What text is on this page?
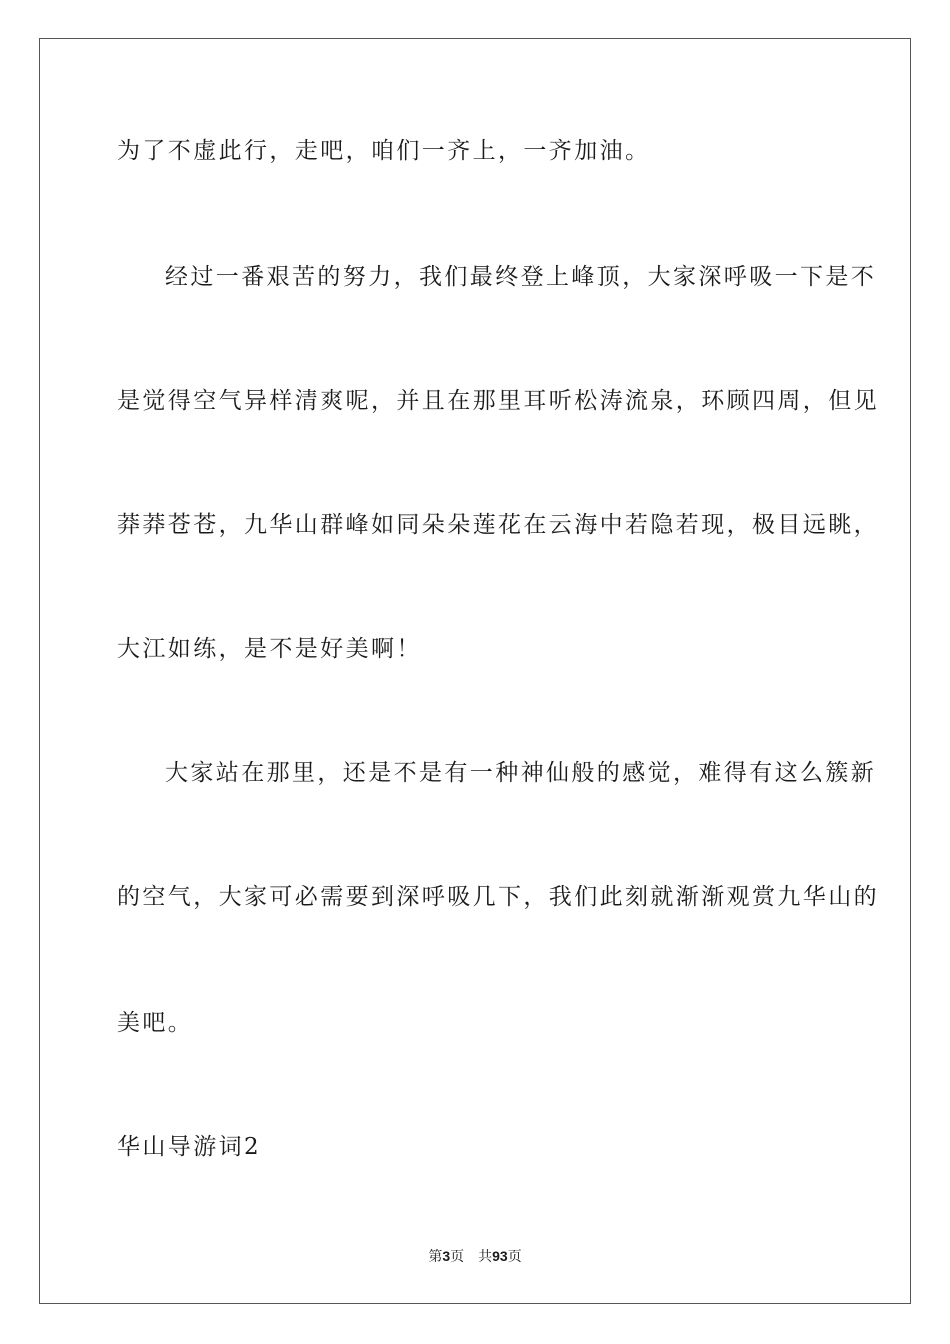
为了不虚此行，走吧，咱们一齐上，一齐加油。
经过一番艰苦的努力，我们最终登上峰顶，大家深呼吸一下是不
是觉得空气异样清爽呢，并且在那里耳听松涛流泉，环顾四周，但见
莽莽苍苍，九华山群峰如同朵朵莲花在云海中若隐若现，极目远眺，
大江如练，是不是好美啊！
大家站在那里，还是不是有一种神仙般的感觉，难得有这么簇新
的空气，大家可必需要到深呼吸几下，我们此刻就渐渐观赏九华山的
美吧。
华山导游词2
第3页 共93页
